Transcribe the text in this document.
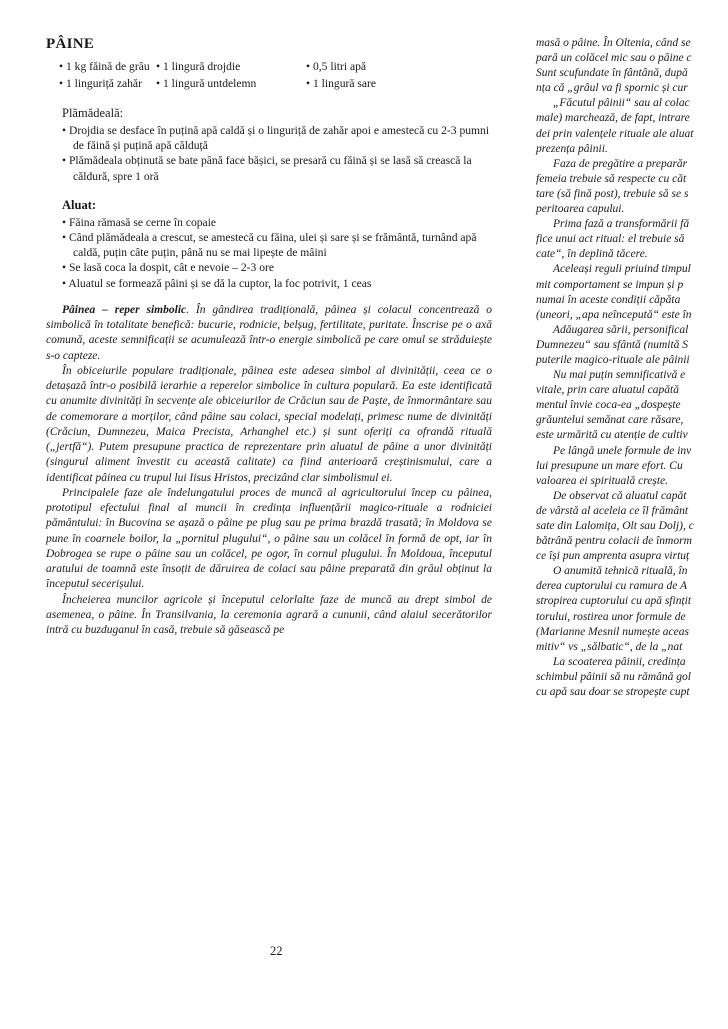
PÂINE
• 1 kg făină de grâu • 1 lingură drojdie	• 0,5 litri apă
• 1 linguriță zahăr	• 1 lingură untdelemn	• 1 lingură sare
Plămădeală:
• Drojdia se desface în puțină apă caldă și o linguriță de zahăr apoi e amestecă cu 2-3 pumni de făină și puțină apă călduță
• Plămădeala obținută se bate până face bășici, se presară cu făină și se lasă să crească la căldură, spre 1 oră
Aluat:
• Făina rămasă se cerne în copaie
• Când plămădeala a crescut, se amestecă cu făina, ulei și sare și se frământă, turnând apă caldă, puțin câte puțin, până nu se mai lipește de mâini
• Se lasă coca la dospit, cât e nevoie – 2-3 ore
• Aluatul se formează pâini și se dă la cuptor, la foc potrivit, 1 ceas

Pâinea – reper simbolic. În gândirea tradițională, pâinea și colacul concentrează o simbolică în totalitate benefică: bucurie, rodnicie, belșug, fertilitate, puritate. Înscrise pe o axă comună, aceste semnificații se acumulează într-o energie simbolică pe care omul se străduiește s-o capteze.

În obiceiurile populare tradiționale, pâinea este adesea simbol al divinității, ceea ce o detașază într-o posibilă ierarhie a reperelor simbolice în cultura populară. Ea este identificată cu anumite divinități în secvențe ale obiceiurilor de Crăciun sau de Paște, de înmormântare sau de comemorare a morților, când pâine sau colaci, special modelați, primesc nume de divinități (Crăciun, Dumnezeu, Maica Precista, Arhanghel etc.) și sunt oferiți ca ofrandă rituală („jertfă“). Putem presupune practica de reprezentare prin aluatul de pâine a unor divinități (singurul aliment învestit cu această calitate) ca fiind anterioară creștinismului, care a identificat pâinea cu trupul lui Iisus Hristos, precizând clar simbolismul ei.

Principalele faze ale îndelungatului proces de muncă al agricultorului încep cu pâinea, prototipul efectului final al muncii în credința influențării magico-rituale a rodniciei pământului: în Bucovina se așază o pâine pe plug sau pe prima brazdă trasată; în Moldova se pune în coarnele boilor, la „pornitul plugului“, o pâine sau un colăcel în formă de opt, iar în Dobrogea se rupe o pâine sau un colăcel, pe ogor, în cornul plugului. În Moldoua, începutul aratului de toamnă este însoțit de dăruirea de colaci sau pâine preparată din grâul obținut la începutul secerișului.

Încheierea muncilor agricole și începutul celorlalte faze de muncă au drept simbol de asemenea, o pâine. În Transilvania, la ceremonia agrară a cununii, când alaiul secerătorilor intră cu buzduganul în casă, trebuie să găsească pe

22
masă o pâine. În Oltenia, când se
pară un colăcel mic sau o pâine c
Sunt scufundate în fântână, după
nța că „grâul va fi spornic și cur
„Făcutul pâinii“ sau al colac
male) marchează, de fapt, intrare
dei prin valențele rituale ale aluat
prezența pâinii.
Faza de pregătire a preparăr
femeia trebuie să respecte cu căt
tare (să fină post), trebuie să se s
peritoarea capului.
Prima fază a transformării fă
fice unui act ritual: el trebuie să
cate“, în deplină tăcere.
Aceleași reguli priuind timpul
mit comportament se impun și p
numai în aceste condiții căpăta
(uneori, „apa neîncepută“ este în
Adăugarea sării, personifical
Dumnezeu“ sau sfântă (numită S
puterile magico-rituale ale pâinii
Nu mai puțin semnificativă e
vitale, prin care aluatul capătă
mentul învie coca-ea „dospește
grăuntelui semănat care răsare,
este urmărită cu atenție de cultiv
Pe lângă unele formule de inv
lui presupune un mare efort. Cu
valoarea ei spirituală crește.
De observat că aluatul capăt
de vârstă al aceleia ce îl frământ
sate din Lalomița, Olt sau Dolj), c
bătrână pentru colacii de înmorm
ce își pun amprenta asupra virtuț
O anumită tehnică rituală, în
derea cuptorului cu ramura de A
stropirea cuptorului cu apă sfințit
torului, rostirea unor formule de
(Marianne Mesnil numește aceas
mitiv“ vs „sălbatic“, de la „nat
La scoaterea pâinii, credința
schimbul pâinii să nu rămână gol
cu apă sau doar se stropește cupt
